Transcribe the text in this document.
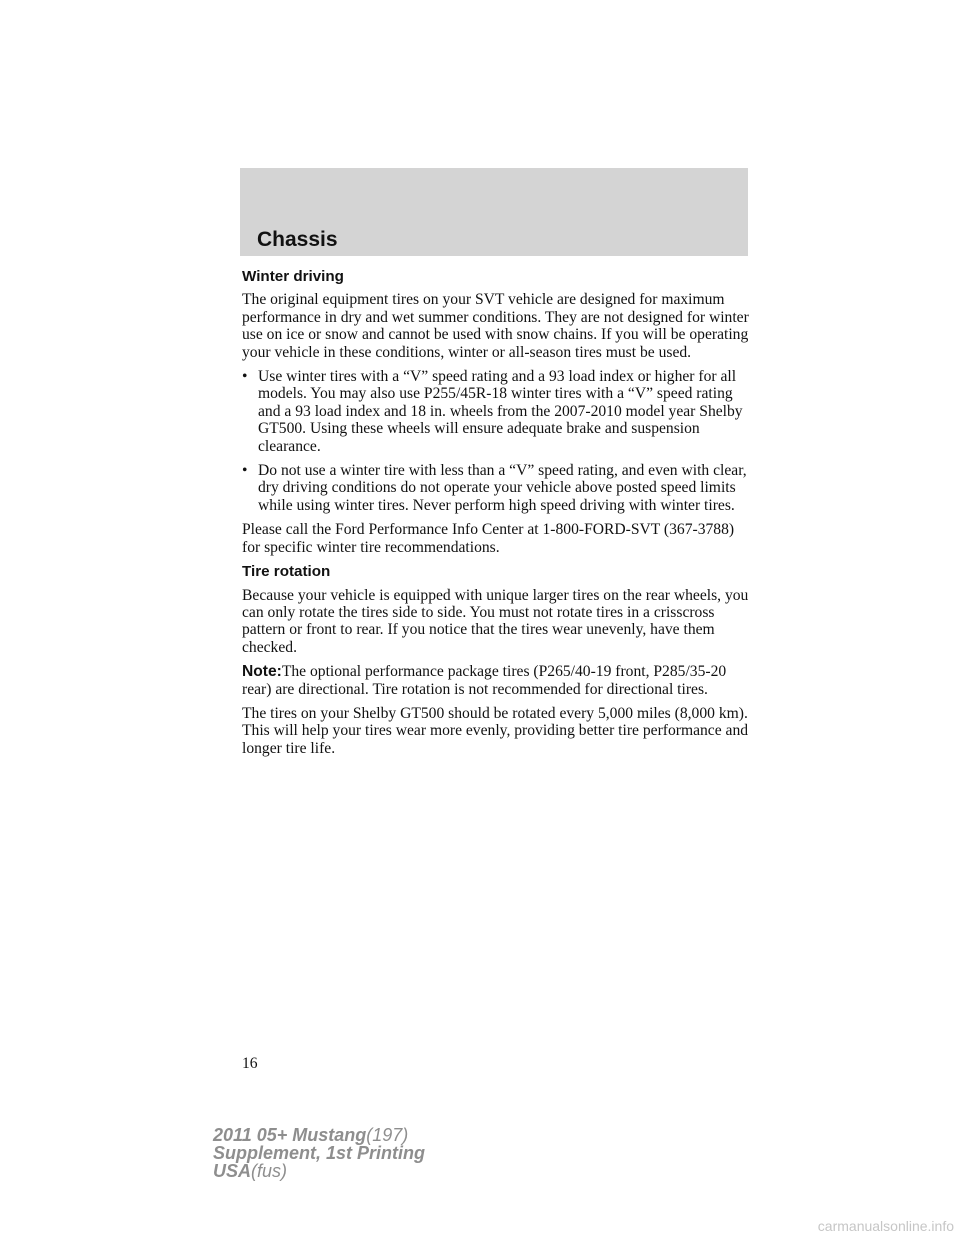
Chassis
Winter driving

The original equipment tires on your SVT vehicle are designed for maximum performance in dry and wet summer conditions. They are not designed for winter use on ice or snow and cannot be used with snow chains. If you will be operating your vehicle in these conditions, winter or all-season tires must be used.

• Use winter tires with a “V” speed rating and a 93 load index or higher for all models. You may also use P255/45R-18 winter tires with a “V” speed rating and a 93 load index and 18 in. wheels from the 2007-2010 model year Shelby GT500. Using these wheels will ensure adequate brake and suspension clearance.
• Do not use a winter tire with less than a “V” speed rating, and even with clear, dry driving conditions do not operate your vehicle above posted speed limits while using winter tires. Never perform high speed driving with winter tires.

Please call the Ford Performance Info Center at 1-800-FORD-SVT (367-3788) for specific winter tire recommendations.

Tire rotation

Because your vehicle is equipped with unique larger tires on the rear wheels, you can only rotate the tires side to side. You must not rotate tires in a crisscross pattern or front to rear. If you notice that the tires wear unevenly, have them checked.

Note:The optional performance package tires (P265/40-19 front, P285/35-20 rear) are directional. Tire rotation is not recommended for directional tires.

The tires on your Shelby GT500 should be rotated every 5,000 miles (8,000 km). This will help your tires wear more evenly, providing better tire performance and longer tire life.

16
2011 05+ Mustang(197)
Supplement, 1st Printing
USA(fus)
carmanualsonline.info
